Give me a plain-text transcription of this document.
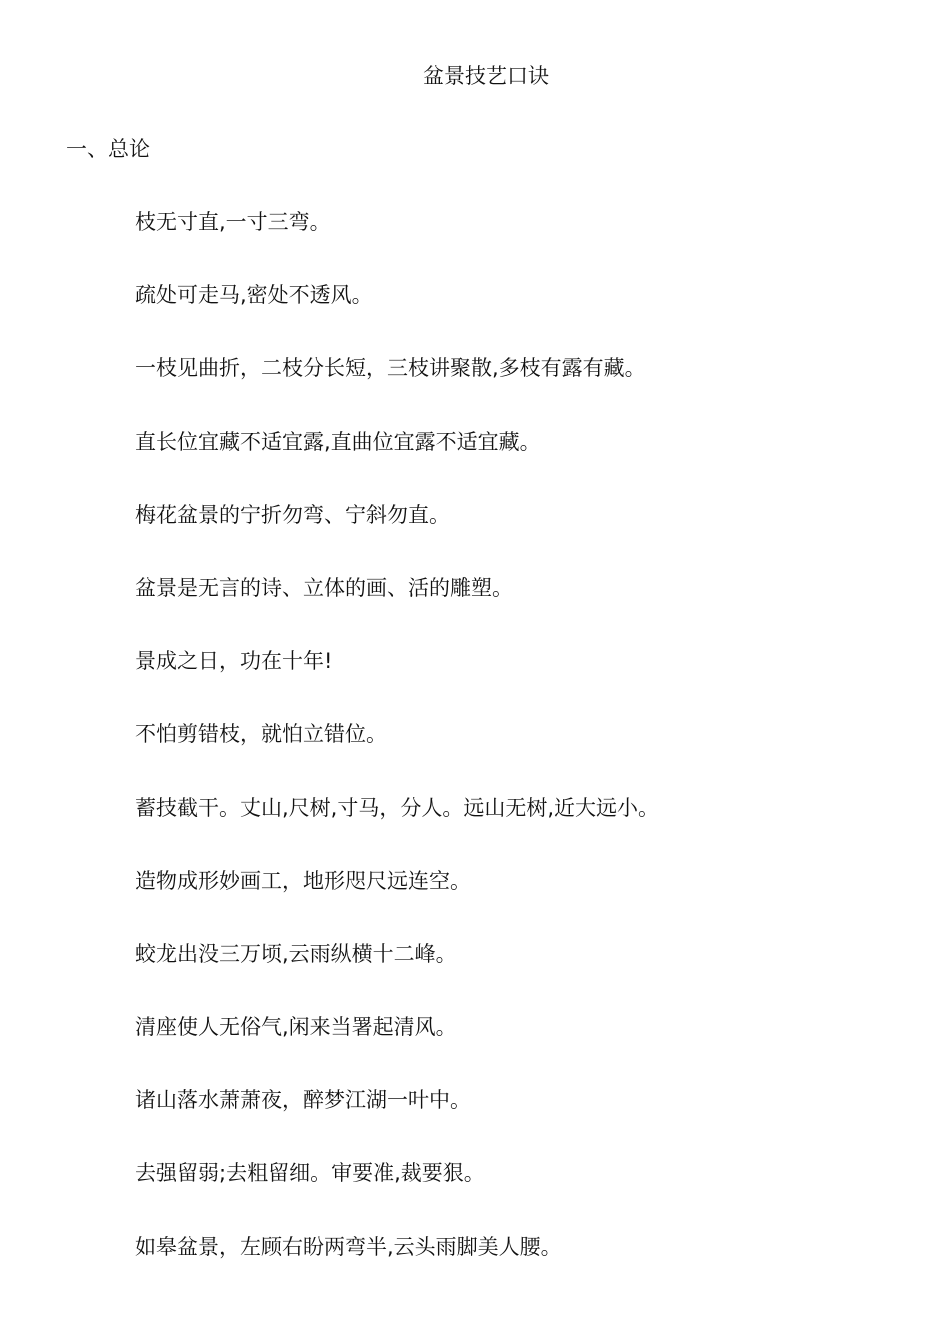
盆景技艺口诀
一、总论
枝无寸直,一寸三弯。
疏处可走马,密处不透风。
一枝见曲折，二枝分长短，三枝讲聚散,多枝有露有藏。
直长位宜藏不适宜露,直曲位宜露不适宜藏。
梅花盆景的宁折勿弯、宁斜勿直。
盆景是无言的诗、立体的画、活的雕塑。
景成之日，功在十年!
不怕剪错枝，就怕立错位。
蓄技截干。丈山,尺树,寸马，分人。远山无树,近大远小。
造物成形妙画工，地形咫尺远连空。
蛟龙出没三万顷,云雨纵横十二峰。
清座使人无俗气,闲来当署起清风。
诸山落水萧萧夜，醉梦江湖一叶中。
去强留弱;去粗留细。审要准,裁要狠。
如皋盆景，左顾右盼两弯半,云头雨脚美人腰。
